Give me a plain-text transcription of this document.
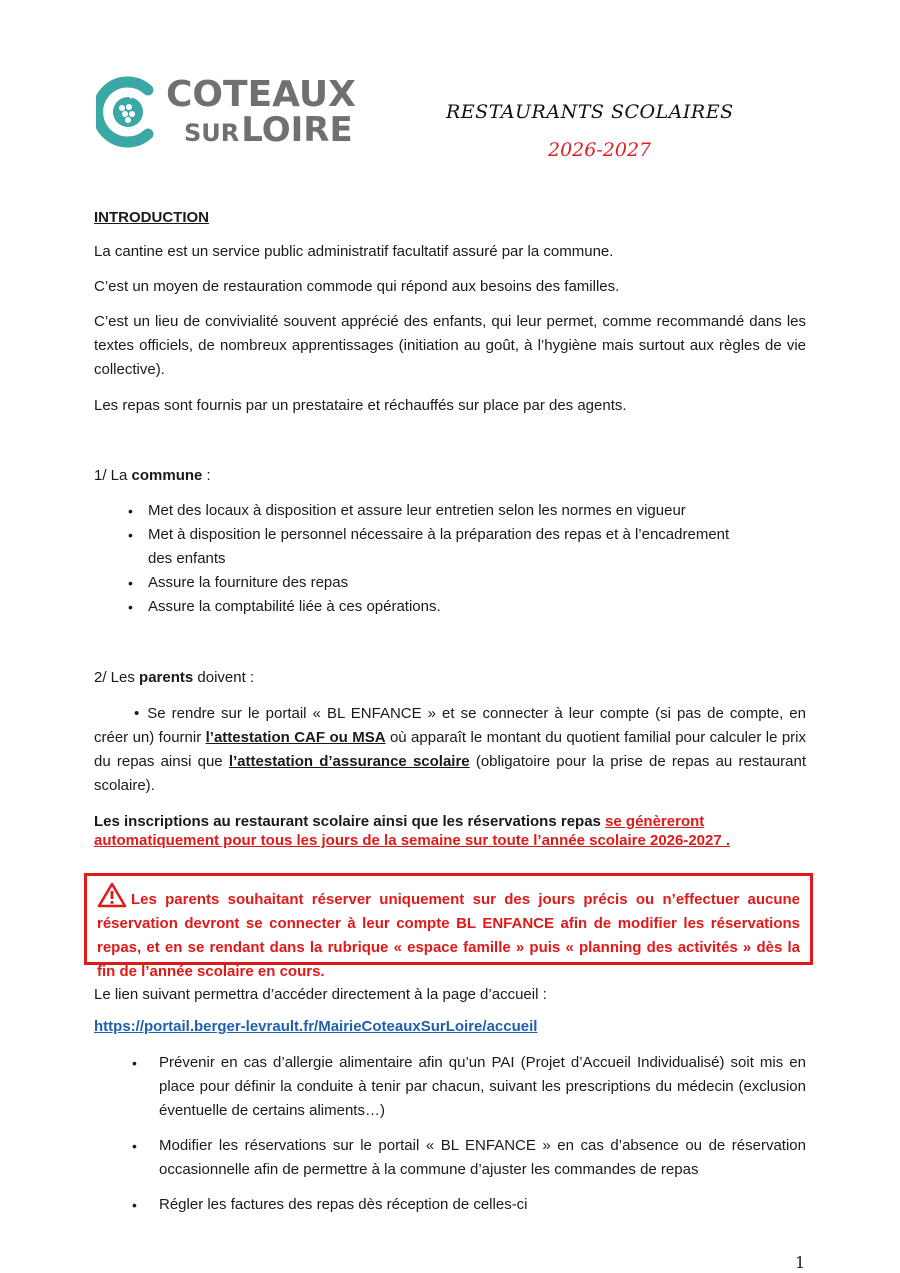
COTEAUX
SURLOIRE	RESTAURANTS SCOLAIRES
2026-2027
INTRODUCTION
La cantine est un service public administratif facultatif assuré par la commune.
C’est un moyen de restauration commode qui répond aux besoins des familles.
C’est un lieu de convivialité souvent apprécié des enfants, qui leur permet, comme recommandé dans les textes officiels, de nombreux apprentissages (initiation au goût, à l’hygiène mais surtout aux règles de vie collective).
Les repas sont fournis par un prestataire et réchauffés sur place par des agents.
1/ La commune :
• Met des locaux à disposition et assure leur entretien selon les normes en vigueur
• Met à disposition le personnel nécessaire à la préparation des repas et à l’encadrement des enfants
• Assure la fourniture des repas
• Assure la comptabilité liée à ces opérations.
2/ Les parents doivent :
• Se rendre sur le portail « BL ENFANCE » et se connecter à leur compte (si pas de compte, en créer un) fournir l’attestation CAF ou MSA où apparaît le montant du quotient familial pour calculer le prix du repas ainsi que l’attestation d’assurance scolaire (obligatoire pour la prise de repas au restaurant scolaire).
Les inscriptions au restaurant scolaire ainsi que les réservations repas se génèreront automatiquement pour tous les jours de la semaine sur toute l’année scolaire 2026-2027 .
Les parents souhaitant réserver uniquement sur des jours précis ou n’effectuer aucune réservation devront se connecter à leur compte BL ENFANCE afin de modifier les réservations repas, et en se rendant dans la rubrique « espace famille » puis « planning des activités » dès la fin de l’année scolaire en cours.
Le lien suivant permettra d’accéder directement à la page d’accueil :
https://portail.berger-levrault.fr/MairieCoteauxSurLoire/accueil
• Prévenir en cas d’allergie alimentaire afin qu’un PAI (Projet d’Accueil Individualisé) soit mis en place pour définir la conduite à tenir par chacun, suivant les prescriptions du médecin (exclusion éventuelle de certains aliments…)
• Modifier les réservations sur le portail « BL ENFANCE » en cas d’absence ou de réservation occasionnelle afin de permettre à la commune d’ajuster les commandes de repas
• Régler les factures des repas dès réception de celles-ci
1
